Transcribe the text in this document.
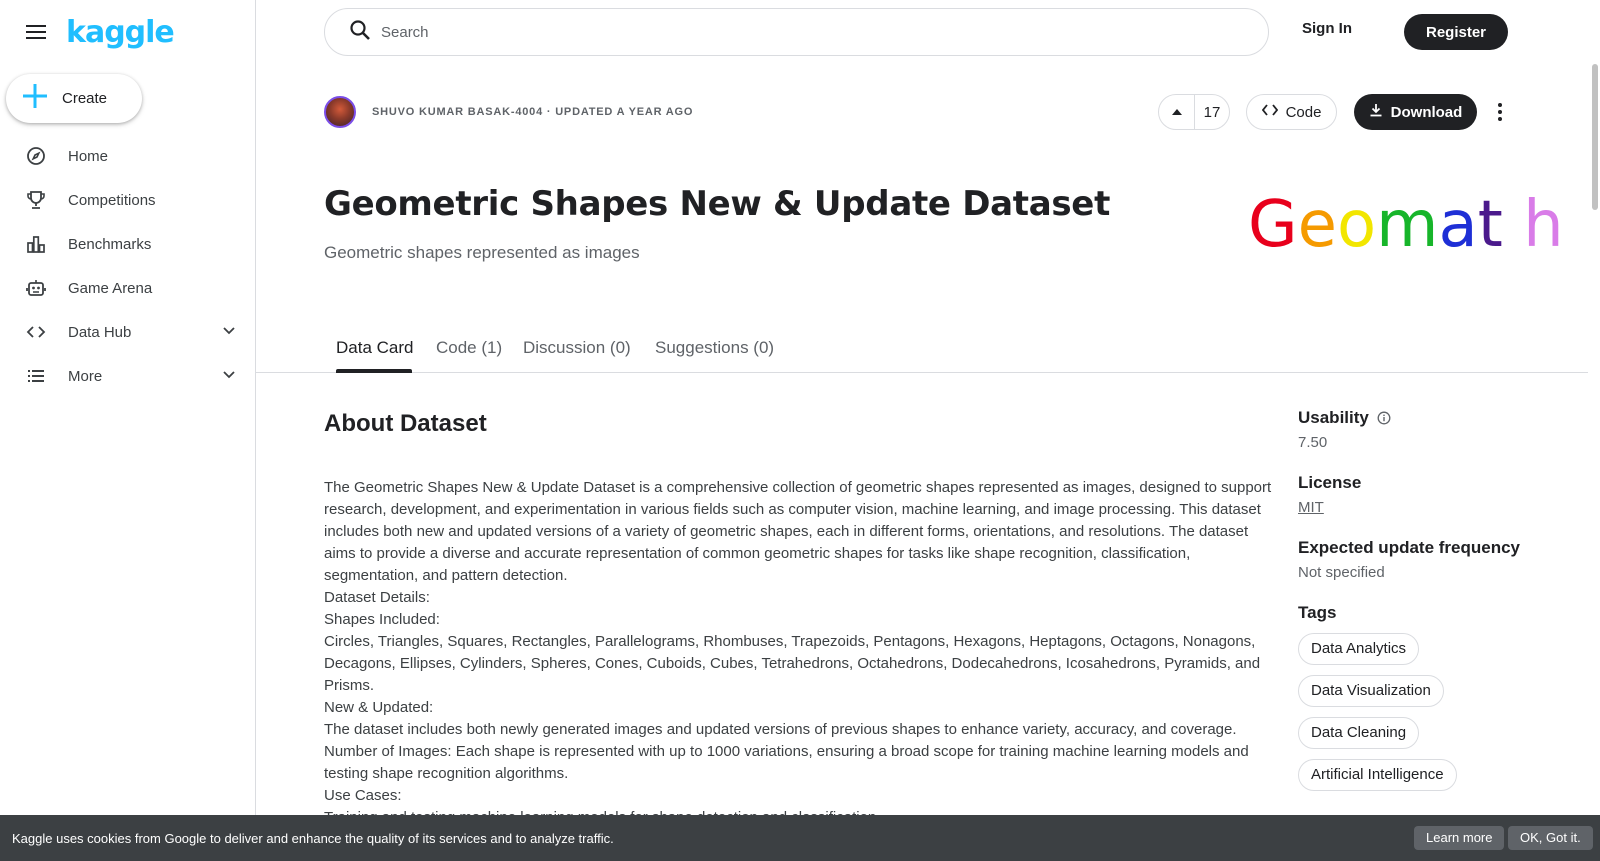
kaggle
Create
Home
Competitions
Benchmarks
Game Arena
Data Hub
More
Search
Sign In	Register
SHUVO KUMAR BASAK-4004 · UPDATED A YEAR AGO	17	Code	Download
Geometric Shapes New & Update Dataset
Geometric shapes represented as images	Geomat h
Data Card Code (1) Discussion (0) Suggestions (0)
About Dataset

The Geometric Shapes New & Update Dataset is a comprehensive collection of geometric shapes represented as images, designed to support research, development, and experimentation in various fields such as computer vision, machine learning, and image processing. This dataset includes both new and updated versions of a variety of geometric shapes, each in different forms, orientations, and resolutions. The dataset aims to provide a diverse and accurate representation of common geometric shapes for tasks like shape recognition, classification, segmentation, and pattern detection.

Dataset Details:

Shapes Included:

Circles, Triangles, Squares, Rectangles, Parallelograms, Rhombuses, Trapezoids, Pentagons, Hexagons, Heptagons, Octagons, Nonagons, Decagons, Ellipses, Cylinders, Spheres, Cones, Cuboids, Cubes, Tetrahedrons, Octahedrons, Dodecahedrons, Icosahedrons, Pyramids, and Prisms.

New & Updated:

The dataset includes both newly generated images and updated versions of previous shapes to enhance variety, accuracy, and coverage.

Number of Images: Each shape is represented with up to 1000 variations, ensuring a broad scope for training machine learning models and testing shape recognition algorithms.

Use Cases:

Usability
7.50
License
MIT
Expected update frequency
Not specified
Tags
Data Analytics
Data Visualization
Data Cleaning
Artificial Intelligence
Kaggle uses cookies from Google to deliver and enhance the quality of its services and to analyze traffic.	Learn more	OK, Got it.
